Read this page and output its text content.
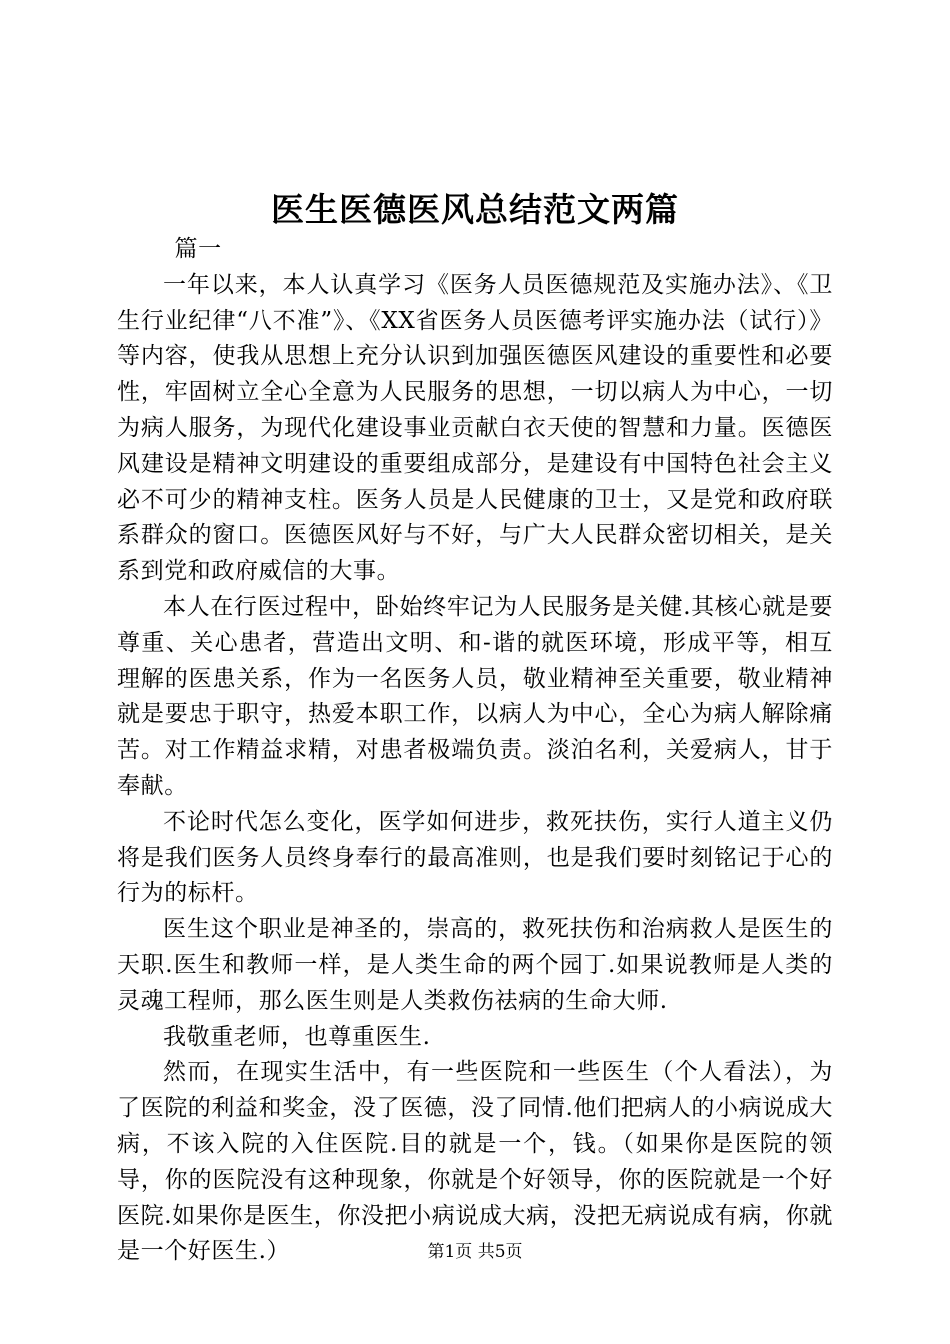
医生医德医风总结范文两篇

篇一

一年以来，本人认真学习《医务人员医德规范及实施办法》、《卫生行业纪律“八不准”》、《XX省医务人员医德考评实施办法（试行）》等内容，使我从思想上充分认识到加强医德医风建设的重要性和必要性，牢固树立全心全意为人民服务的思想，一切以病人为中心，一切为病人服务，为现代化建设事业贡献白衣天使的智慧和力量。医德医风建设是精神文明建设的重要组成部分，是建设有中国特色社会主义必不可少的精神支柱。医务人员是人民健康的卫士，又是党和政府联系群众的窗口。医德医风好与不好，与广大人民群众密切相关，是关系到党和政府威信的大事。

本人在行医过程中，卧始终牢记为人民服务是关健.其核心就是要尊重、关心患者，营造出文明、和-谐的就医环境，形成平等，相互理解的医患关系，作为一名医务人员，敬业精神至关重要，敬业精神就是要忠于职守，热爱本职工作，以病人为中心，全心为病人解除痛苦。对工作精益求精，对患者极端负责。淡泊名利，关爱病人，甘于奉献。

不论时代怎么变化，医学如何进步，救死扶伤，实行人道主义仍将是我们医务人员终身奉行的最高准则，也是我们要时刻铭记于心的行为的标杆。

医生这个职业是神圣的，崇高的，救死扶伤和治病救人是医生的天职.医生和教师一样，是人类生命的两个园丁.如果说教师是人类的灵魂工程师，那么医生则是人类救伤祛病的生命大师.

我敬重老师，也尊重医生.

然而，在现实生活中，有一些医院和一些医生（个人看法），为了医院的利益和奖金，没了医德，没了同情.他们把病人的小病说成大病，不该入院的入住医院.目的就是一个，钱。（如果你是医院的领导，你的医院没有这种现象，你就是个好领导，你的医院就是一个好医院.如果你是医生，你没把小病说成大病，没把无病说成有病，你就是一个好医生.）	第1页 共5页
